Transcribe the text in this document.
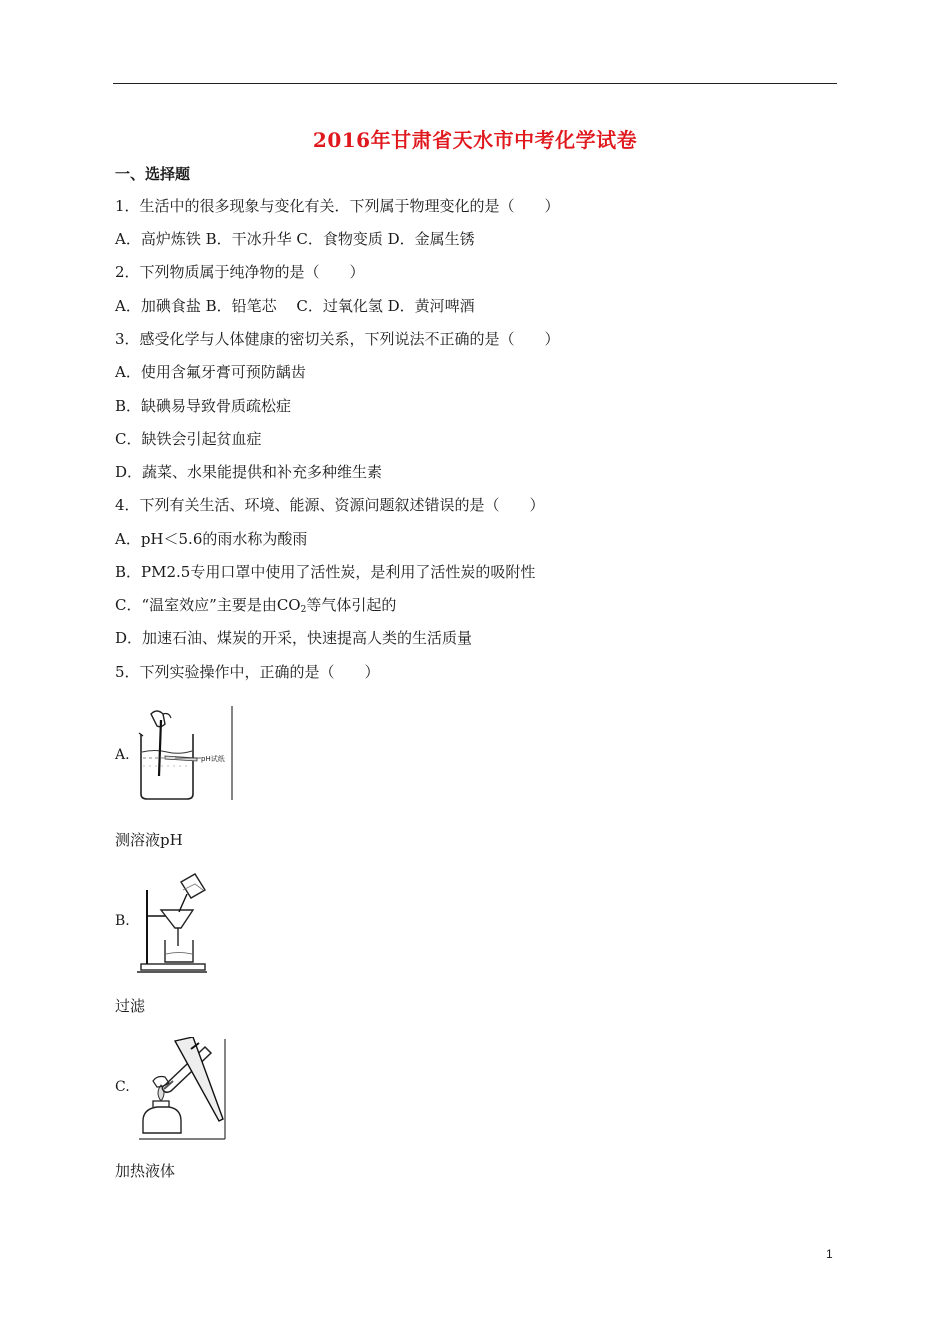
2016年甘肃省天水市中考化学试卷
一、选择题
1．生活中的很多现象与变化有关．下列属于物理变化的是（　　）
A．高炉炼铁 B．干冰升华 C．食物变质 D．金属生锈
2．下列物质属于纯净物的是（　　）
A．加碘食盐 B．铅笔芯　 C．过氧化氢 D．黄河啤酒
3．感受化学与人体健康的密切关系，下列说法不正确的是（　　）
A．使用含氟牙膏可预防龋齿
B．缺碘易导致骨质疏松症
C．缺铁会引起贫血症
D．蔬菜、水果能提供和补充多种维生素
4．下列有关生活、环境、能源、资源问题叙述错误的是（　　）
A．pH＜5.6的雨水称为酸雨
B．PM2.5专用口罩中使用了活性炭，是利用了活性炭的吸附性
C．“温室效应”主要是由$CO_2$等气体引起的
D．加速石油、煤炭的开采，快速提高人类的生活质量
5．下列实验操作中，正确的是（　　）
A.	pH试纸
测溶液pH
B.
过滤
C.
加热液体
1
